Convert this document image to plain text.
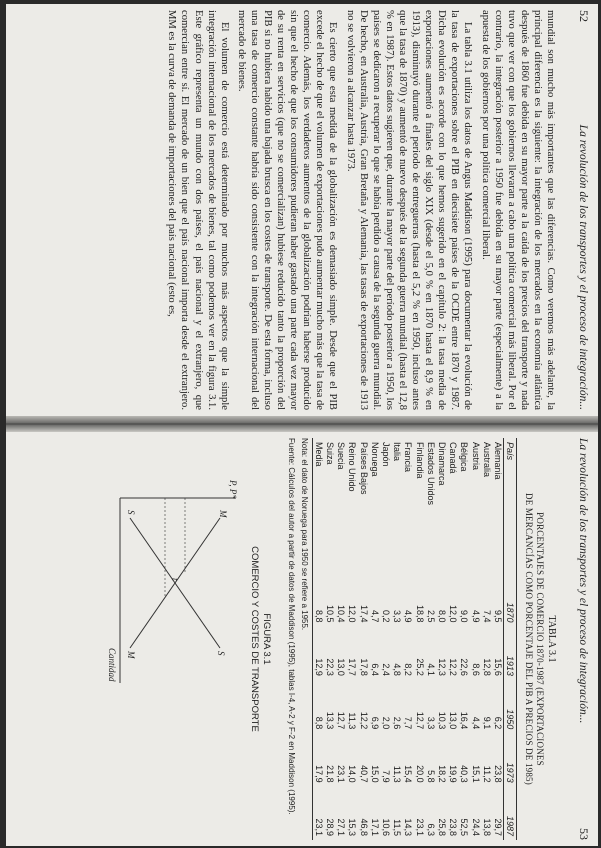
52
La revolución de los transportes y el proceso de integración...

mundial son mucho más importantes que las diferencias. Como veremos más adelante, la principal diferencia es la siguiente: la integración de los mercados en la economía atlántica después de 1860 fue debida en su mayor parte a la caída de los precios del transporte y nada tuvo que ver con que los gobiernos llevaran a cabo una política comercial más liberal. Por el contrario, la integración posterior a 1950 fue debida en su mayor parte (especialmente) a la apuesta de los gobiernos por una política comercial liberal.

La tabla 3.1 utiliza los datos de Angus Maddison (1995) para documentar la evolución de la tasa de exportaciones sobre el PIB en diecisiete países de la OCDE entre 1870 y 1987. Dicha evolución es acorde con lo que hemos sugerido en el capítulo 2: la tasa media de exportaciones aumentó a finales del siglo XIX (desde el 5,0 % en 1870 hasta el 8,9 % en 1913), disminuyó durante el periodo de entreguerras (hasta el 5,2 % en 1950, incluso antes que la tasa de 1870) y aumentó de nuevo después de la segunda guerra mundial (hasta el 12,8 % en 1987). Estos datos sugieren que, durante la mayor parte del período posterior a 1950, los países se dedicaron a recuperar lo que se había perdido a causa de la segunda guerra mundial. De hecho, en Australia, Austria, Gran Bretaña y Alemania, las tasas de exportaciones de 1913 no se volvieron a alcanzar hasta 1973.

Es cierto que esta medida de la globalización es demasiado simple. Desde que el PIB excede el hecho de que el volumen de exportaciones pudo aumentar mucho más que la tasa de comercio. Además, los verdaderos aumentos de la globalización podrían haberse producido sin que el hecho de que los consumidores pudieran haber gastado una parte cada vez mayor de su renta en servicios (que no se comercializan) hubiese reducido tanto la proporción del PIB si no hubiera habido una bajada brusca en los costes de transporte. De esta forma, incluso una tasa de comercio constante habría sido consistente con la integración internacional del mercado de bienes.

El volumen de comercio está determinado por muchos más aspectos que la simple integración internacional de los mercados de bienes, tal como podemos ver en la figura 3.1. Este gráfico representa un mundo con dos países, el país nacional y el extranjero, que comercian entre sí. El mercado de un bien que el país nacional importa desde el extranjero. MM es la curva de demanda de importaciones del país nacional (esto es,

La revolución de los transportes y el proceso de integración...
53
TABLA 3.1
PORCENTAJES DE COMERCIO 1870-1987 (EXPORTACIONES
DE MERCANCÍAS COMO PORCENTAJE DEL PIB A PRECIOS DE 1985)
País	1870	1913	1950	1973	1987
Alemania	9,5	15,6	6,2	23,8	29,7
Australia	7,4	12,8	9,1	11,2	13,8
Austria	4,9	8,6	4,4	15,1	24,4
Bélgica	9,0	22,6	16,4	40,3	52,5
Canadá	12,0	12,2	13,0	19,9	23,8
Dinamarca	8,0	12,3	10,3	18,2	25,8
Estados Unidos	2,5	4,1	3,3	5,8	6,3
Finlandia	18,8	25,2	12,7	20,0	23,1
Francia	4,9	8,2	7,7	15,4	14,3
Italia	3,3	4,8	2,6	11,3	11,5
Japón	0,2	2,4	2,0	7,9	10,6
Noruega	4,7	6,4	6,9	15,0	17,1
Países Bajos	17,4	17,8	12,2	40,7	46,8
Reino Unido	12,0	17,7	11,3	14,0	15,3
Suecia	10,4	13,0	12,7	23,1	27,1
Suiza	10,5	22,3	13,3	21,8	28,9
Media	8,8	12,9	8,8	17,9	23,1
Nota: el dato de Noruega para 1950 se refiere a 1955.
Fuente: Cálculos del autor a partir de datos de Maddison (1995), tablas I-4, A-2 y F-2 en Maddison (1995).
FIGURA 3.1
COMERCIO Y COSTES DE TRANSPORTE
P, P*
Cantidad
M
S
M	S
t
